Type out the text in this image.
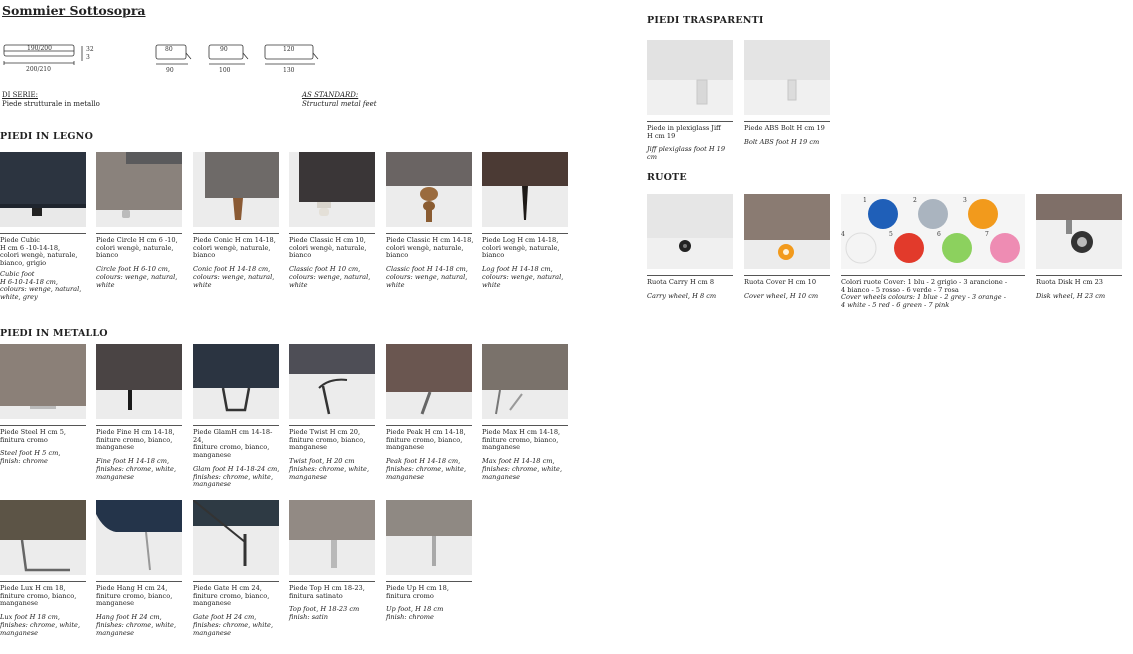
Sommier Sottosopra
190/200
200/210
32
3
80
90
90
100
120
130
DI SERIE:
Piede strutturale in metallo
AS STANDARD:
Structural metal feet
PIEDI IN LEGNO
PIEDI IN METALLO
PIEDI TRASPARENTI
RUOTE
Piede Cubic
H cm 6 -10-14-18,
colori wengè, naturale,
bianco, grigio
Cubic foot
H 6-10-14-18 cm,
colours: wenge, natural,
white, grey
Piede Circle H cm 6 -10,
colori wengè, naturale,
bianco
Circle foot H 6-10 cm,
colours: wenge, natural,
white
Piede Conic H cm 14-18,
colori wengè, naturale,
bianco
Conic foot H 14-18 cm,
colours: wenge, natural,
white
Piede Classic H cm 10,
colori wengè, naturale,
bianco
Classic foot H 10 cm,
colours: wenge, natural,
white
Piede Classic H cm 14-18,
colori wengè, naturale,
bianco
Classic foot H 14-18 cm,
colours: wenge, natural,
white
Piede Log H cm 14-18,
colori wengè, naturale,
bianco
Log foot H 14-18 cm,
colours: wenge, natural,
white
Piede Steel H cm 5,
finitura cromo
Steel foot H 5 cm,
finish: chrome
Piede Fine H cm 14-18,
finiture cromo, bianco,
manganese
Fine foot H 14-18 cm,
finishes: chrome, white,
manganese
Piede GlamH cm 14-18-24,
finiture cromo, bianco,
manganese
Glam foot H 14-18-24 cm,
finishes: chrome, white,
manganese
Piede Twist H cm 20,
finiture cromo, bianco,
manganese
Twist foot, H 20 cm
finishes: chrome, white,
manganese
Piede Peak H cm 14-18,
finiture cromo, bianco,
manganese
Peak foot H 14-18 cm,
finishes: chrome, white,
manganese
Piede Max H cm 14-18,
finiture cromo, bianco,
manganese
Max foot H 14-18 cm,
finishes: chrome, white,
manganese
Piede Lux H cm 18,
finiture cromo, bianco,
manganese
Lux foot H 18 cm,
finishes: chrome, white,
manganese
Piede Hang H cm 24,
finiture cromo, bianco,
manganese
Hang foot H 24 cm,
finishes: chrome, white,
manganese
Piede Gate H cm 24,
finiture cromo, bianco,
manganese
Gate foot H 24 cm,
finishes: chrome, white,
manganese
Piede Top H cm 18-23,
finitura satinato
Top foot, H 18-23 cm
finish: satin
Piede Up H cm 18,
finitura cromo
Up foot, H 18 cm
finish: chrome
Piede in plexiglass Jiff
H cm 19
Jiff plexiglass foot H 19 cm
Piede ABS Bolt H cm 19
Bolt ABS foot H 19 cm
Ruota Carry H cm 8
Carry wheel, H 8 cm
Ruota Cover H cm 10
Cover wheel, H 10 cm
1	2	3
4	5	6	7
Colori ruote Cover: 1 blu - 2 grigio - 3 arancione -
4 bianco - 5 rosso - 6 verde - 7 rosa
Cover wheels colours: 1 blue - 2 grey - 3 orange -
4 white - 5 red - 6 green - 7 pink
Ruota Disk H cm 23
Disk wheel, H 23 cm
